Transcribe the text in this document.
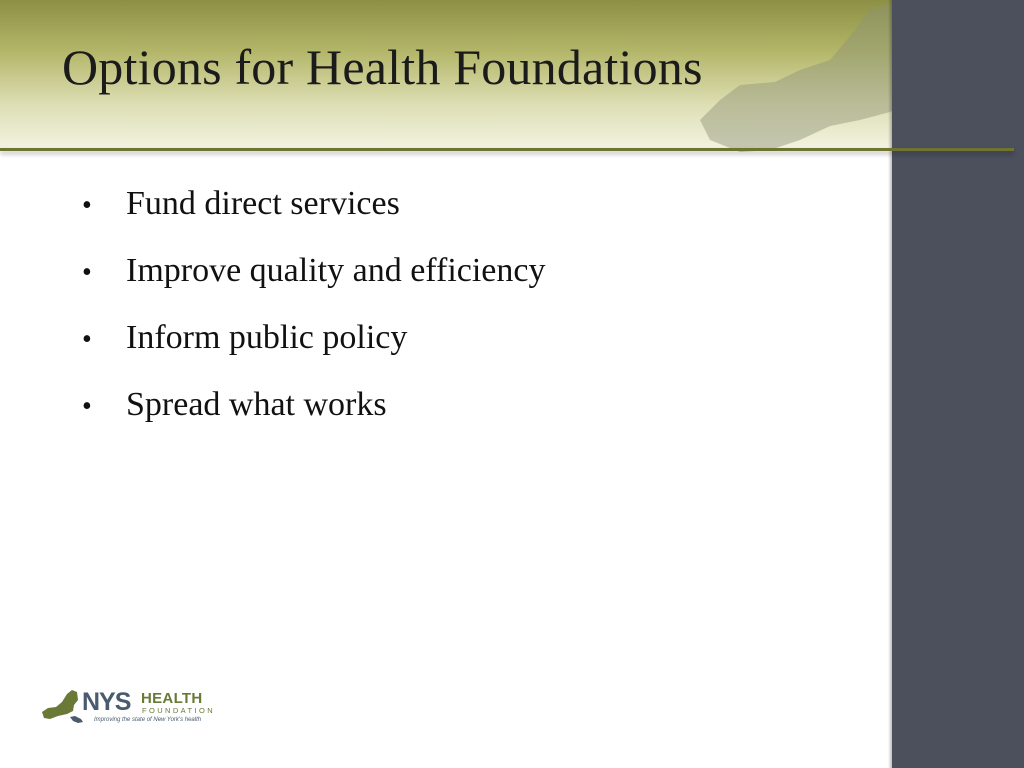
Options for Health Foundations
•	Fund direct services
•	Improve quality and efficiency
•	Inform public policy
•	Spread what works
NYS HEALTH
FOUNDATION
Improving the state of New York's health
